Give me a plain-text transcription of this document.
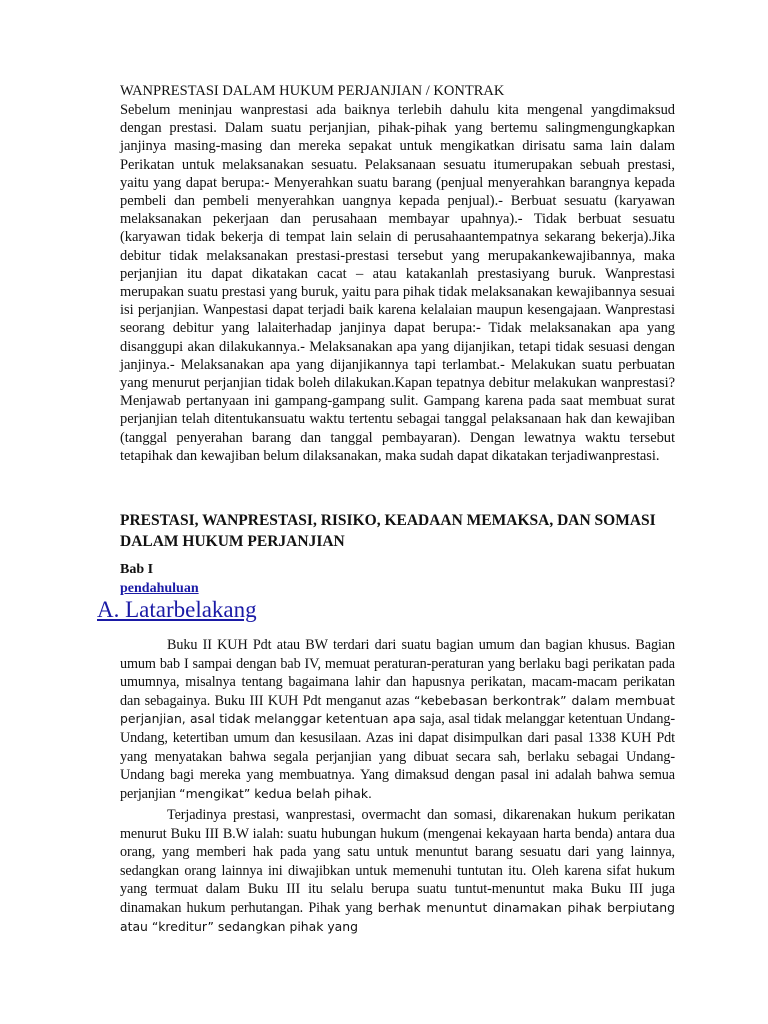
WANPRESTASI DALAM HUKUM PERJANJIAN / KONTRAK

Sebelum meninjau wanprestasi ada baiknya terlebih dahulu kita mengenal yangdimaksud dengan prestasi. Dalam suatu perjanjian, pihak-pihak yang bertemu salingmengungkapkan janjinya masing-masing dan mereka sepakat untuk mengikatkan dirisatu sama lain dalam Perikatan untuk melaksanakan sesuatu. Pelaksanaan sesuatu itumerupakan sebuah prestasi, yaitu yang dapat berupa:- Menyerahkan suatu barang (penjual menyerahkan barangnya kepada pembeli dan pembeli menyerahkan uangnya kepada penjual).- Berbuat sesuatu (karyawan melaksanakan pekerjaan dan perusahaan membayar upahnya).- Tidak berbuat sesuatu (karyawan tidak bekerja di tempat lain selain di perusahaantempatnya sekarang bekerja).Jika debitur tidak melaksanakan prestasi-prestasi tersebut yang merupakankewajibannya, maka perjanjian itu dapat dikatakan cacat – atau katakanlah prestasiyang buruk. Wanprestasi merupakan suatu prestasi yang buruk, yaitu para pihak tidak melaksanakan kewajibannya sesuai isi perjanjian. Wanpestasi dapat terjadi baik karena kelalaian maupun kesengajaan. Wanprestasi seorang debitur yang lalaiterhadap janjinya dapat berupa:- Tidak melaksanakan apa yang disanggupi akan dilakukannya.- Melaksanakan apa yang dijanjikan, tetapi tidak sesuasi dengan janjinya.- Melaksanakan apa yang dijanjikannya tapi terlambat.- Melakukan suatu perbuatan yang menurut perjanjian tidak boleh dilakukan.Kapan tepatnya debitur melakukan wanprestasi? Menjawab pertanyaan ini gampang-gampang sulit. Gampang karena pada saat membuat surat perjanjian telah ditentukansuatu waktu tertentu sebagai tanggal pelaksanaan hak dan kewajiban (tanggal penyerahan barang dan tanggal pembayaran). Dengan lewatnya waktu tersebut tetapihak dan kewajiban belum dilaksanakan, maka sudah dapat dikatakan terjadiwanprestasi.

PRESTASI, WANPRESTASI, RISIKO, KEADAAN MEMAKSA, DAN SOMASI DALAM HUKUM PERJANJIAN
Bab I
pendahuluan
A. Latarbelakang

Buku II KUH Pdt atau BW terdari dari suatu bagian umum dan bagian khusus. Bagian umum bab I sampai dengan bab IV, memuat peraturan-peraturan yang berlaku bagi perikatan pada umumnya, misalnya tentang bagaimana lahir dan hapusnya perikatan, macam-macam perikatan dan sebagainya. Buku III KUH Pdt menganut azas “kebebasan berkontrak” dalam membuat perjanjian, asal tidak melanggar ketentuan apa saja, asal tidak melanggar ketentuan Undang-Undang, ketertiban umum dan kesusilaan. Azas ini dapat disimpulkan dari pasal 1338 KUH Pdt yang menyatakan bahwa segala perjanjian yang dibuat secara sah, berlaku sebagai Undang-Undang bagi mereka yang membuatnya. Yang dimaksud dengan pasal ini adalah bahwa semua perjanjian “mengikat” kedua belah pihak.

Terjadinya prestasi, wanprestasi, overmacht dan somasi, dikarenakan hukum perikatan menurut Buku III B.W ialah: suatu hubungan hukum (mengenai kekayaan harta benda) antara dua orang, yang memberi hak pada yang satu untuk menuntut barang sesuatu dari yang lainnya, sedangkan orang lainnya ini diwajibkan untuk memenuhi tuntutan itu. Oleh karena sifat hukum yang termuat dalam Buku III itu selalu berupa suatu tuntut-menuntut maka Buku III juga dinamakan hukum perhutangan. Pihak yang berhak menuntut dinamakan pihak berpiutang atau “kreditur” sedangkan pihak yang
